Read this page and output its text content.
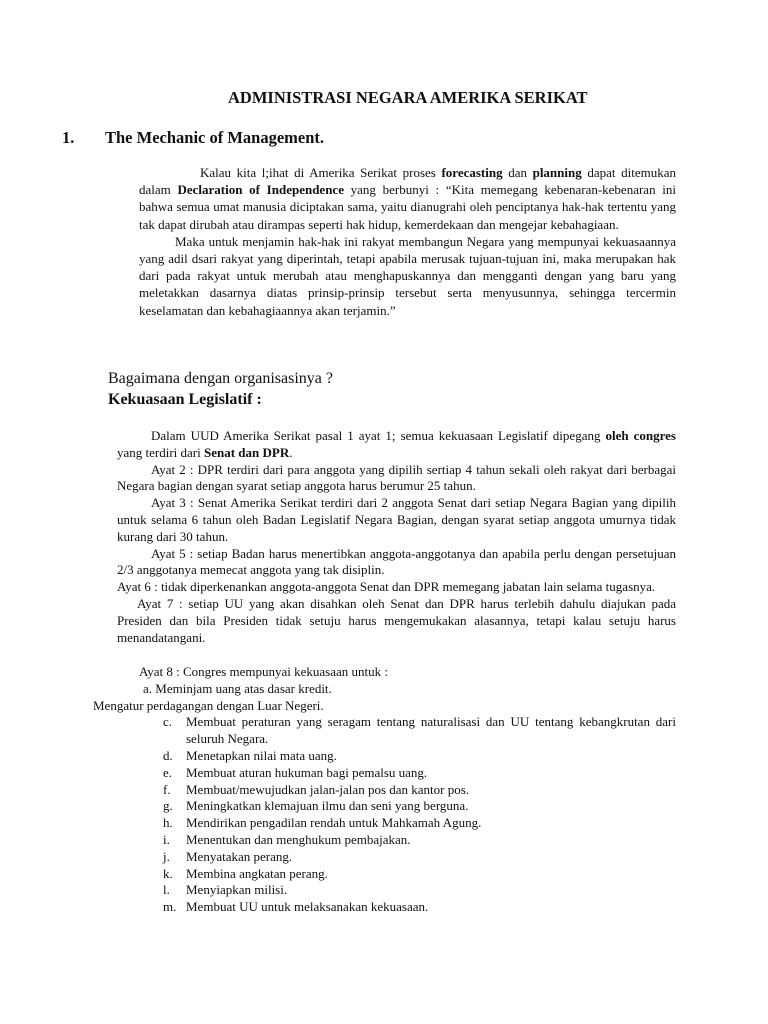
ADMINISTRASI NEGARA AMERIKA SERIKAT
1. The Mechanic of Management.

Kalau kita l;ihat di Amerika Serikat proses forecasting dan planning dapat ditemukan dalam Declaration of Independence yang berbunyi : “Kita memegang kebenaran-kebenaran ini bahwa semua umat manusia diciptakan sama, yaitu dianugrahi oleh penciptanya hak-hak tertentu yang tak dapat dirubah atau dirampas seperti hak hidup, kemerdekaan dan mengejar kebahagiaan.

Maka untuk menjamin hak-hak ini rakyat membangun Negara yang mempunyai kekuasaannya yang adil dsari rakyat yang diperintah, tetapi apabila merusak tujuan-tujuan ini, maka merupakan hak dari pada rakyat untuk merubah atau menghapuskannya dan mengganti dengan yang baru yang meletakkan dasarnya diatas prinsip-prinsip tersebut serta menyusunnya, sehingga tercermin keselamatan dan kebahagiaannya akan terjamin.”

Bagaimana dengan organisasinya ?
Kekuasaan Legislatif :

Dalam UUD Amerika Serikat pasal 1 ayat 1; semua kekuasaan Legislatif dipegang oleh congres yang terdiri dari Senat dan DPR.

Ayat 2 : DPR terdiri dari para anggota yang dipilih sertiap 4 tahun sekali oleh rakyat dari berbagai Negara bagian dengan syarat setiap anggota harus berumur 25 tahun.

Ayat 3 : Senat Amerika Serikat terdiri dari 2 anggota Senat dari setiap Negara Bagian yang dipilih untuk selama 6 tahun oleh Badan Legislatif Negara Bagian, dengan syarat setiap anggota umurnya tidak kurang dari 30 tahun.

Ayat 5 : setiap Badan harus menertibkan anggota-anggotanya dan apabila perlu dengan persetujuan 2/3 anggotanya memecat anggota yang tak disiplin.

Ayat 6 : tidak diperkenankan anggota-anggota Senat dan DPR memegang jabatan lain selama tugasnya.

Ayat 7 : setiap UU yang akan disahkan oleh Senat dan DPR harus terlebih dahulu diajukan pada Presiden dan bila Presiden tidak setuju harus mengemukakan alasannya, tetapi kalau setuju harus menandatangani.

Ayat 8 : Congres mempunyai kekuasaan untuk :

a. Meminjam uang atas dasar kredit.

Mengatur perdagangan dengan Luar Negeri.

c. Membuat peraturan yang seragam tentang naturalisasi dan UU tentang kebangkrutan dari seluruh Negara.
d. Menetapkan nilai mata uang.
e. Membuat aturan hukuman bagi pemalsu uang.
f. Membuat/mewujudkan jalan-jalan pos dan kantor pos.
g. Meningkatkan klemajuan ilmu dan seni yang berguna.
h. Mendirikan pengadilan rendah untuk Mahkamah Agung.
i. Menentukan dan menghukum pembajakan.
j. Menyatakan perang.
k. Membina angkatan perang.
l. Menyiapkan milisi.
m. Membuat UU untuk melaksanakan kekuasaan.
